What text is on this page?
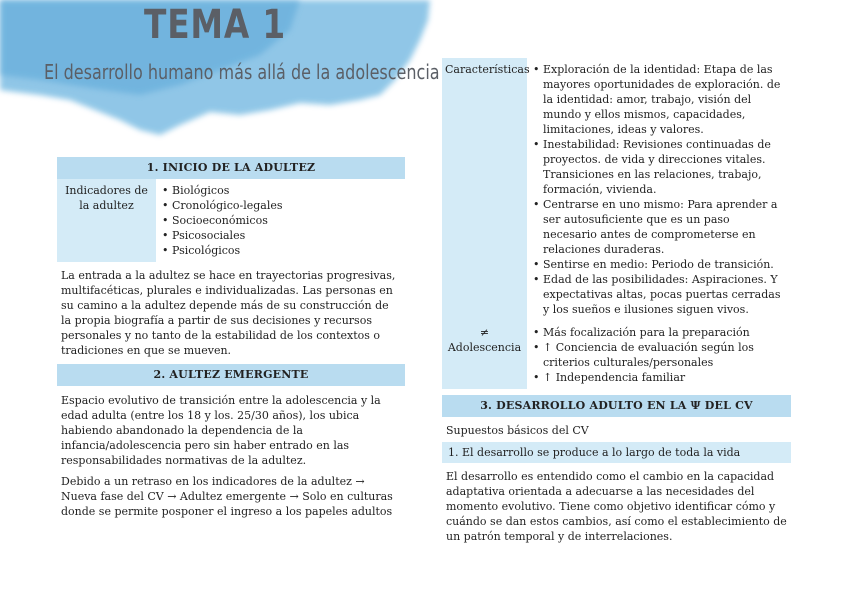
TEMA 1
El desarrollo humano más allá de la adolescencia
1. INICIO DE LA ADULTEZ
Indicadores de la adultez
• Biológicos
• Cronológico-legales
• Socioeconómicos
• Psicosociales
• Psicológicos

La entrada a la adultez se hace en trayectorias progresivas, multifacéticas, plurales e individualizadas. Las personas en su camino a la adultez depende más de su construcción de la propia biografía a partir de sus decisiones y recursos personales y no tanto de la estabilidad de los contextos o tradiciones en que se mueven.

2. AULTEZ EMERGENTE

Espacio evolutivo de transición entre la adolescencia y la edad adulta (entre los 18 y los. 25/30 años), los ubica habiendo abandonado la dependencia de la infancia/adolescencia pero sin haber entrado en las responsabilidades normativas de la adultez.

Debido a un retraso en los indicadores de la adultez → Nueva fase del CV → Adultez emergente → Solo en culturas donde se permite posponer el ingreso a los papeles adultos

Características
•	Exploración de la identidad: Etapa de las mayores oportunidades de exploración. de la identidad: amor, trabajo, visión del mundo y ellos mismos, capacidades, limitaciones, ideas y valores.
• Inestabilidad: Revisiones continuadas de proyectos. de vida y direcciones vitales. Transiciones en las relaciones, trabajo, formación, vivienda.
• Centrarse en uno mismo: Para aprender a ser autosuficiente que es un paso necesario antes de comprometerse en relaciones duraderas.
• Sentirse en medio: Periodo de transición.
• Edad de las posibilidades: Aspiraciones. Y expectativas altas, pocas puertas cerradas y los sueños e ilusiones siguen vivos.
≠ Adolescencia
• Más focalización para la preparación
• ↑ Conciencia de evaluación según los criterios culturales/personales
• ↑ Independencia familiar
3. DESARROLLO ADULTO EN LA Ψ DEL CV

Supuestos básicos del CV

1. El desarrollo se produce a lo largo de toda la vida

El desarrollo es entendido como el cambio en la capacidad adaptativa orientada a adecuarse a las necesidades del momento evolutivo. Tiene como objetivo identificar cómo y cuándo se dan estos cambios, así como el establecimiento de un patrón temporal y de interrelaciones.
